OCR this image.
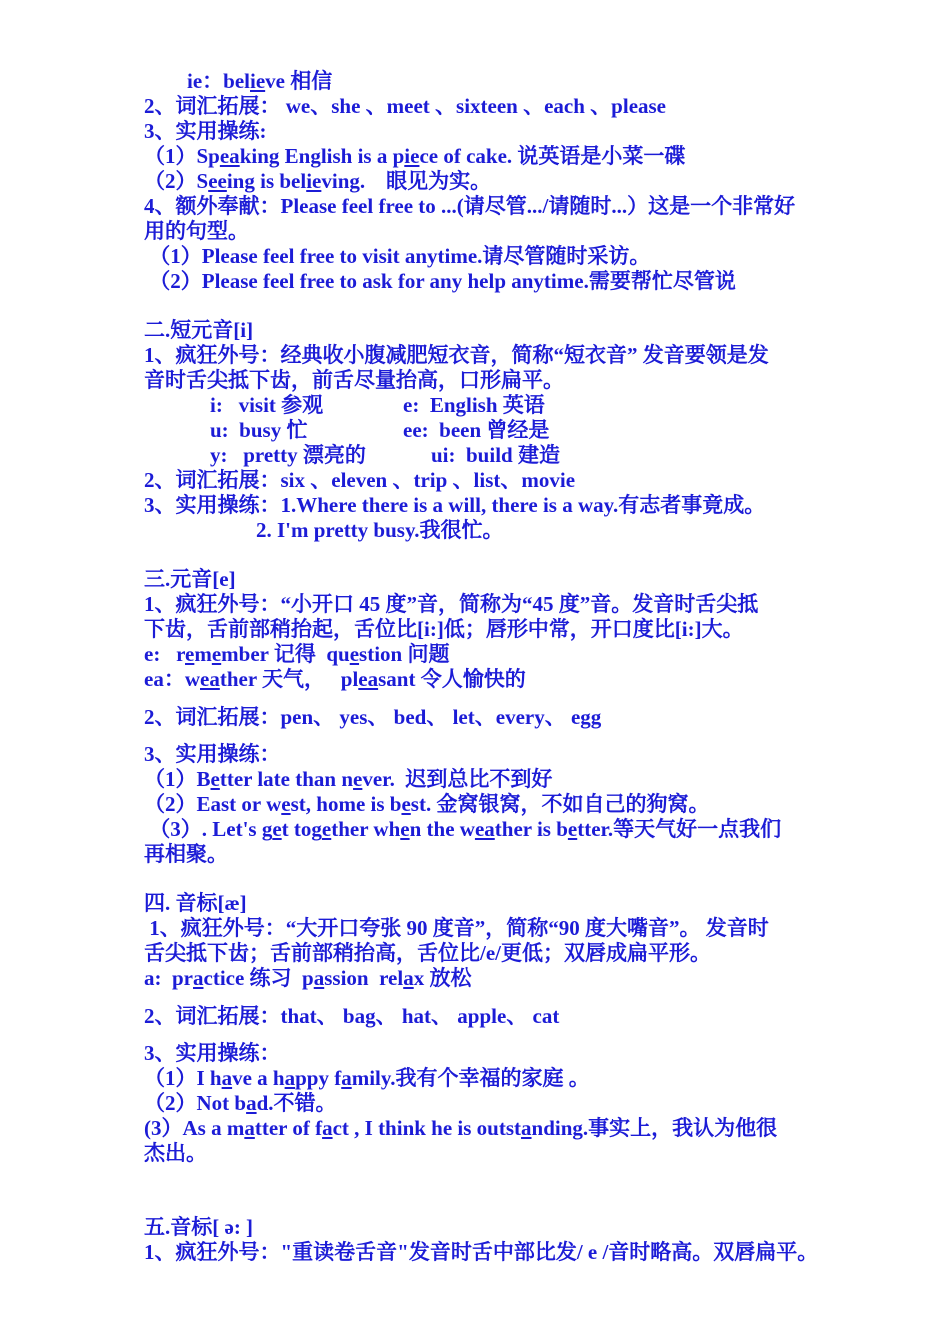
ie：believe 相信

2、词汇拓展： we、she 、meet 、sixteen 、each 、please

3、实用操练:

（1）Speaking English is a piece of cake. 说英语是小菜一碟

（2）Seeing is believing.    眼见为实。

4、额外奉献：Please feel free to ...(请尽管.../请随时...）这是一个非常好

用的句型。

（1）Please feel free to visit anytime.请尽管随时采访。

（2）Please feel free to ask for any help anytime.需要帮忙尽管说

二.短元音[i]

1、疯狂外号：经典收小腹减肥短衣音，简称“短衣音” 发音要领是发

音时舌尖抵下齿，前舌尽量抬高，口形扁平。

i:   visit 参观	e:  English 英语

u:  busy 忙	ee:  been 曾经是

y:   pretty 漂亮的	ui:  build 建造

2、词汇拓展：six 、eleven 、trip 、list、movie

3、实用操练：1.Where there is a will, there is a way.有志者事竟成。

2. I'm pretty busy.我很忙。

三.元音[e]

1、疯狂外号：“小开口 45 度”音，简称为“45 度”音。发音时舌尖抵

下齿，舌前部稍抬起，舌位比[i:]低；唇形中常，开口度比[i:]大。

e:   remember 记得  question 问题

ea：weather 天气，   pleasant 令人愉快的

2、词汇拓展：pen、 yes、 bed、 let、every、 egg

3、实用操练：

（1）Better late than never.  迟到总比不到好

（2）East or west, home is best. 金窝银窝，不如自己的狗窝。

（3）. Let's get together when the weather is better.等天气好一点我们

再相聚。

四. 音标[æ]

1、疯狂外号：“大开口夸张 90 度音”，简称“90 度大嘴音”。 发音时

舌尖抵下齿；舌前部稍抬高，舌位比/e/更低；双唇成扁平形。

a:  practice 练习  passion  relax 放松

2、词汇拓展：that、 bag、 hat、 apple、 cat

3、实用操练：

（1）I have a happy family.我有个幸福的家庭 。

（2）Not bad.不错。

(3）As a matter of fact , I think he is outstanding.事实上，我认为他很

杰出。

五.音标[ ə: ]

1、疯狂外号："重读卷舌音"发音时舌中部比发/ e /音时略高。双唇扁平。
